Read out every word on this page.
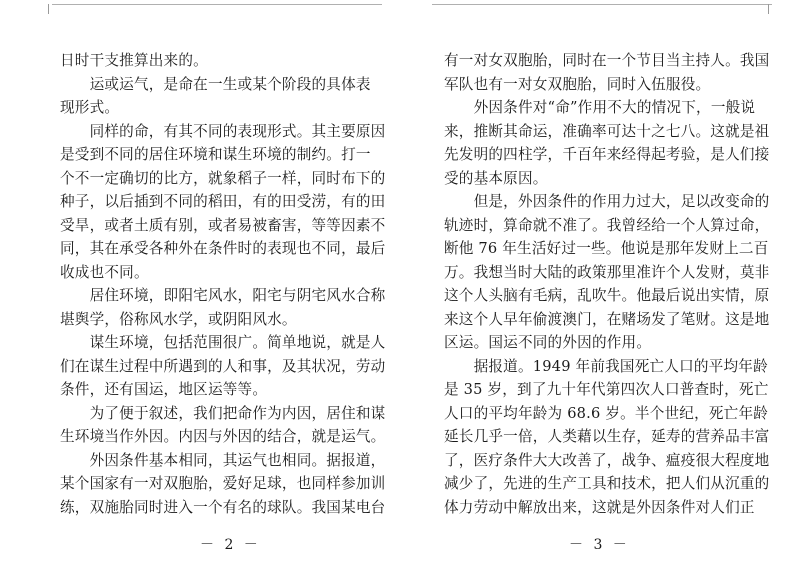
日时干支推算出来的。
　　运或运气，是命在一生或某个阶段的具体表
现形式。
　　同样的命，有其不同的表现形式。其主要原因
是受到不同的居住环境和谋生环境的制约。打一
个不一定确切的比方，就象稻子一样，同时布下的
种子，以后插到不同的稻田，有的田受涝，有的田
受旱，或者土质有别，或者易被畜害，等等因素不
同，其在承受各种外在条件时的表现也不同，最后
收成也不同。
　　居住环境，即阳宅风水，阳宅与阴宅风水合称
堪舆学，俗称风水学，或阴阳风水。
　　谋生环境，包括范围很广。简单地说，就是人
们在谋生过程中所遇到的人和事，及其状况，劳动
条件，还有国运，地区运等等。
　　为了便于叙述，我们把命作为内因，居住和谋
生环境当作外因。内因与外因的结合，就是运气。
　　外因条件基本相同，其运气也相同。据报道，
某个国家有一对双胞胎，爱好足球，也同样参加训
练，双施胎同时进入一个有名的球队。我国某电台
－ 2 －
有一对女双胞胎，同时在一个节目当主持人。我国
军队也有一对女双胞胎，同时入伍服役。
　　外因条件对“命”作用不大的情况下，一般说
来，推断其命运，准确率可达十之七八。这就是祖
先发明的四柱学，千百年来经得起考验，是人们接
受的基本原因。
　　但是，外因条件的作用力过大，足以改变命的
轨迹时，算命就不准了。我曾经给一个人算过命，
断他 76 年生活好过一些。他说是那年发财上二百
万。我想当时大陆的政策那里准许个人发财，莫非
这个人头脑有毛病，乱吹牛。他最后说出实情，原
来这个人早年偷渡澳门，在赌场发了笔财。这是地
区运。国运不同的外因的作用。
　　据报道。1949 年前我国死亡人口的平均年龄
是 35 岁，到了九十年代第四次人口普查时，死亡
人口的平均年龄为 68.6 岁。半个世纪，死亡年龄
延长几乎一倍，人类藉以生存，延寿的营养品丰富
了，医疗条件大大改善了，战争、瘟疫很大程度地
减少了，先进的生产工具和技术，把人们从沉重的
体力劳动中解放出来，这就是外因条件对人们正
－ 3 －
